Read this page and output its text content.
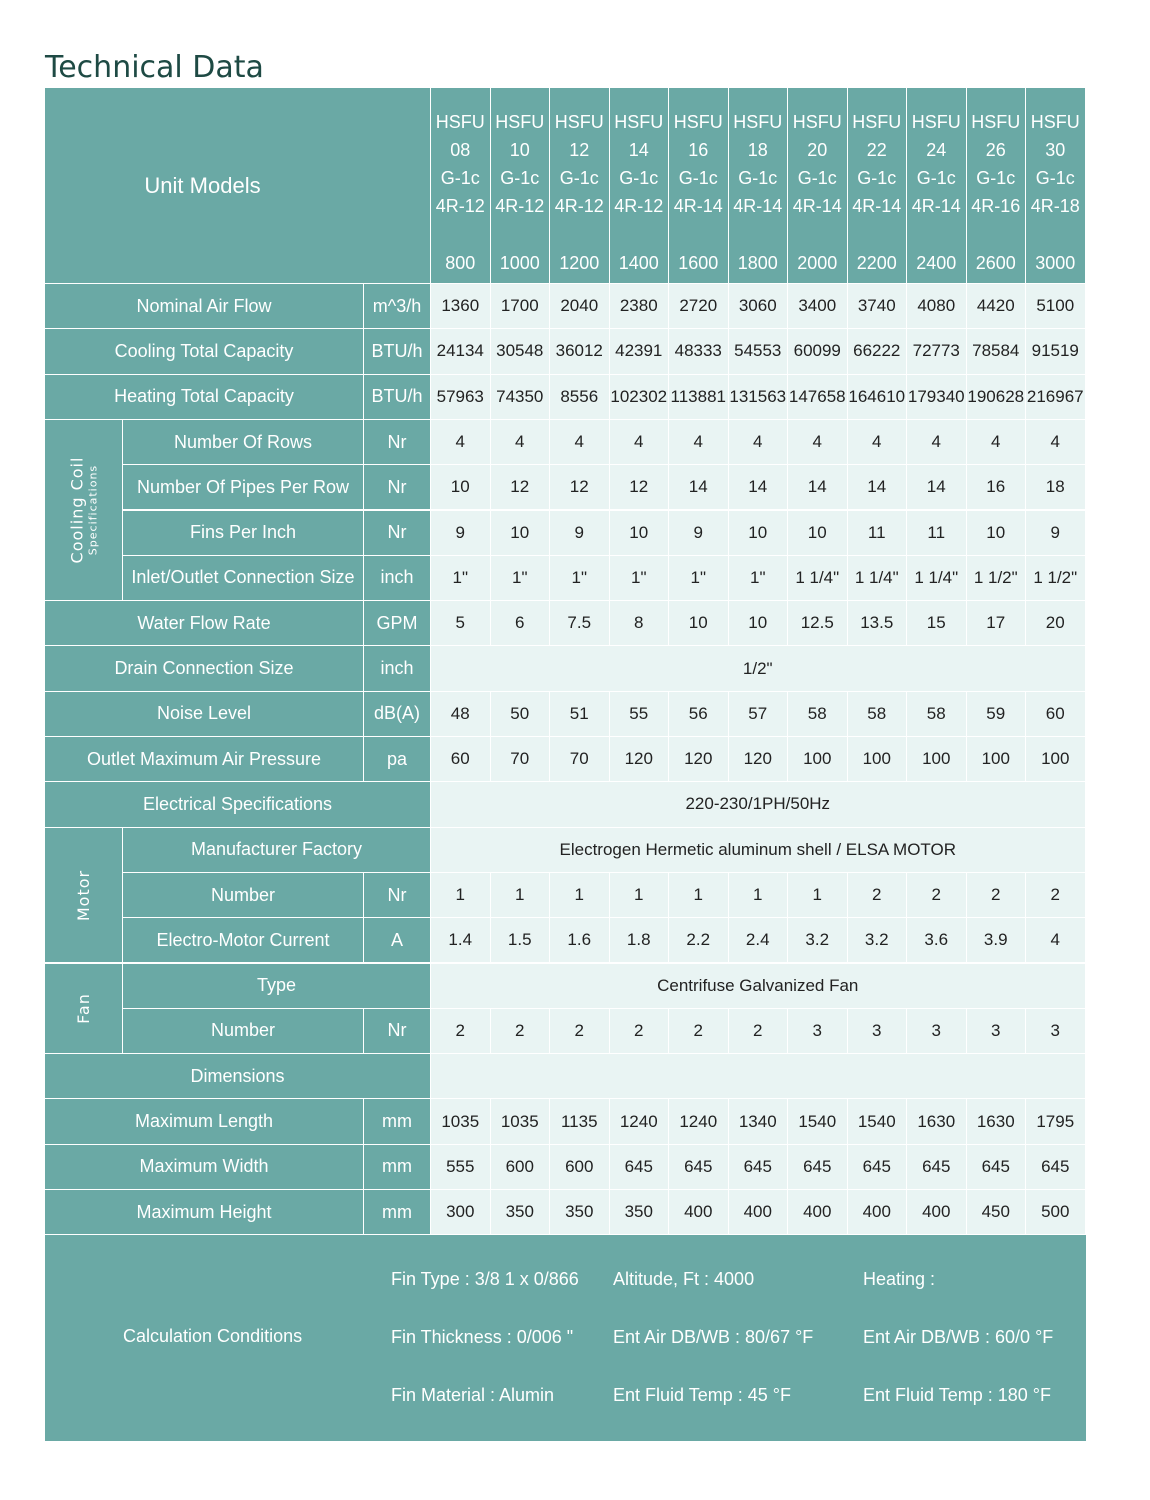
Technical Data
Unit Models
HSFU
08
G-1c
4R-12
800
HSFU
10
G-1c
4R-12
1000
HSFU
12
G-1c
4R-12
1200
HSFU
14
G-1c
4R-12
1400
HSFU
16
G-1c
4R-14
1600
HSFU
18
G-1c
4R-14
1800
HSFU
20
G-1c
4R-14
2000
HSFU
22
G-1c
4R-14
2200
HSFU
24
G-1c
4R-14
2400
HSFU
26
G-1c
4R-16
2600
HSFU
30
G-1c
4R-18
3000
Nominal Air Flow	m^3/h	1360	1700	2040	2380	2720	3060	3400	3740	4080	4420	5100
Cooling Total Capacity	BTU/h 24134 30548 36012 42391 48333 54553 60099 66222 72773 78584 91519
Heating Total Capacity	BTU/h 57963 74350 8556 102302 113881 131563 147658 164610 179340 190628 216967
Number Of Rows	Nr	4	4	4	4	4	4	4	4	4	4	4
Number Of Pipes Per Row	Nr	10	12	12	12	14	14	14	14	14	16	18
Fins Per Inch	Nr	9	10	9	10	9	10	10	11	11	10	9
Inlet/Outlet Connection Size	inch	1"	1"	1"	1"	1"	1"	1 1/4" 1 1/4" 1 1/4" 1 1/2" 1 1/2"
Water Flow Rate	GPM	5	6	7.5	8	10	10	12.5	13.5	15	17	20
Drain Connection Size	inch	1/2"
Noise Level	dB(A)	48	50	51	55	56	57	58	58	58	59	60
Outlet Maximum Air Pressure	pa	60	70	70	120	120	120	100	100	100	100	100
Electrical Specifications	220-230/1PH/50Hz
Manufacturer Factory	Electrogen Hermetic aluminum shell / ELSA MOTOR
Number	Nr	1	1	1	1	1	1	1	2	2	2	2
Electro-Motor Current	A	1.4	1.5	1.6	1.8	2.2	2.4	3.2	3.2	3.6	3.9	4
Type	Centrifuse Galvanized Fan
Number	Nr	2	2	2	2	2	2	3	3	3	3	3
Dimensions
Maximum Length	mm	1035	1035	1135	1240	1240	1340	1540	1540	1630	1630	1795
Maximum Width	mm	555	600	600	645	645	645	645	645	645	645	645
Maximum Height	mm	300	350	350	350	400	400	400	400	400	450	500
Cooling Coil Specifications
Motor
Fan
Calculation Conditions
Fin Type : 3/8 1 x 0/866
Fin Thickness : 0/006 "
Fin Material : Alumin
Altitude, Ft : 4000
Ent Air DB/WB : 80/67 °F
Ent Fluid Temp : 45 °F
Heating :
Ent Air DB/WB : 60/0 °F
Ent Fluid Temp : 180 °F
